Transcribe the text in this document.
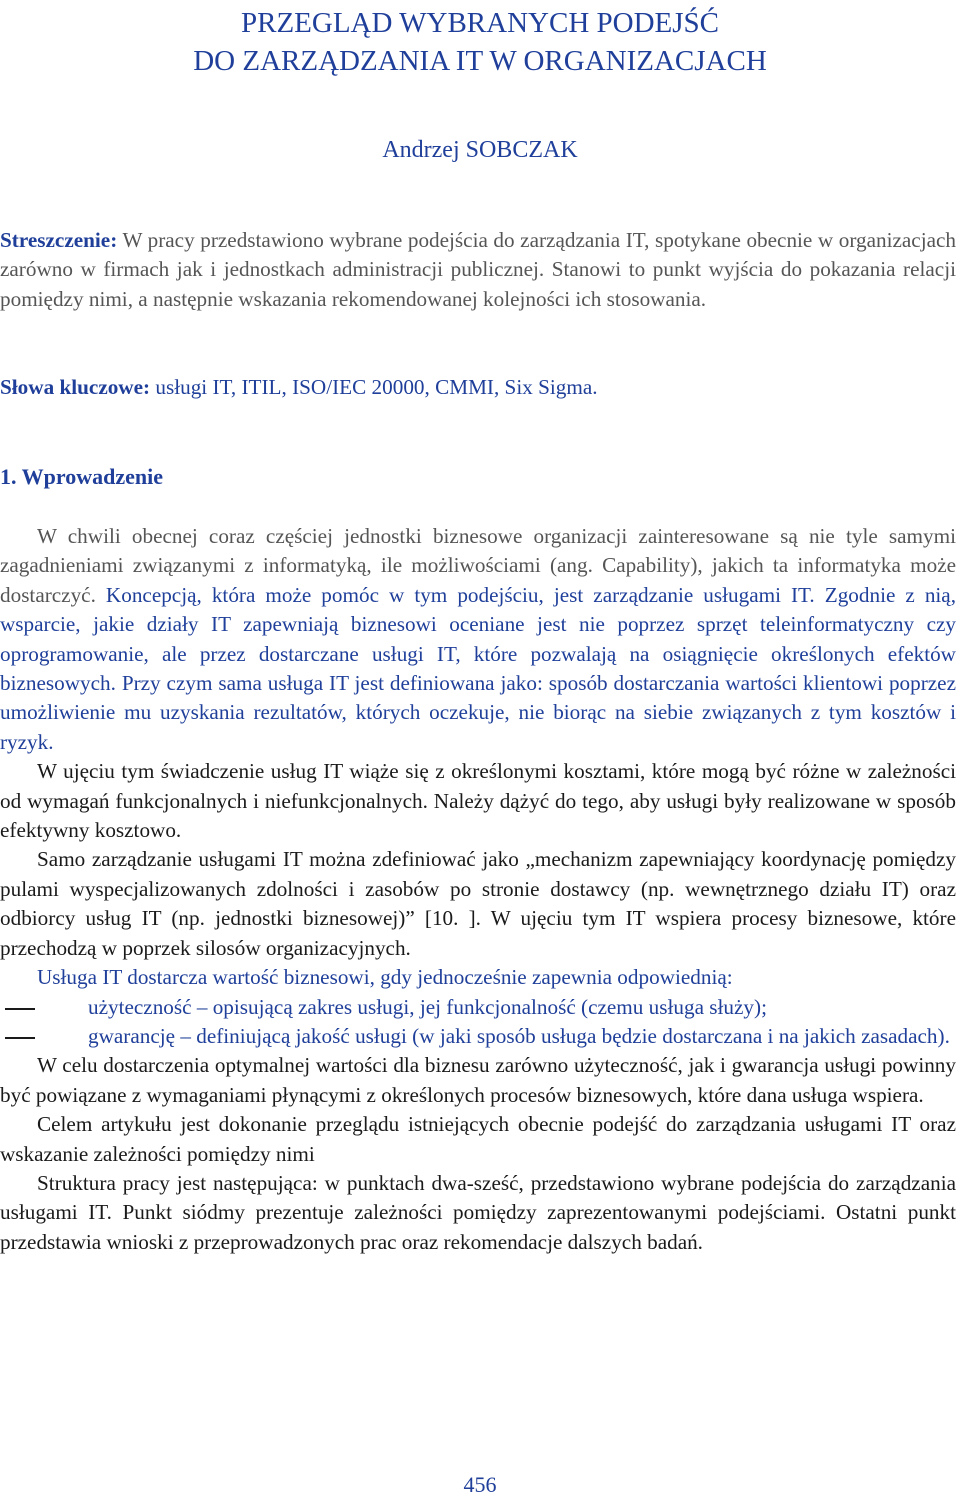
PRZEGLĄD WYBRANYCH PODEJŚĆ
DO ZARZĄDZANIA IT W ORGANIZACJACH
Andrzej SOBCZAK

Streszczenie: W pracy przedstawiono wybrane podejścia do zarządzania IT, spotykane obecnie w organizacjach zarówno w firmach jak i jednostkach administracji publicznej. Stanowi to punkt wyjścia do pokazania relacji pomiędzy nimi, a następnie wskazania rekomendowanej kolejności ich stosowania.

Słowa kluczowe: usługi IT, ITIL, ISO/IEC 20000, CMMI, Six Sigma.

1. Wprowadzenie

W chwili obecnej coraz częściej jednostki biznesowe organizacji zainteresowane są nie tyle samymi zagadnieniami związanymi z informatyką, ile możliwościami (ang. Capability), jakich ta informatyka może dostarczyć. Koncepcją, która może pomóc w tym podejściu, jest zarządzanie usługami IT. Zgodnie z nią, wsparcie, jakie działy IT zapewniają biznesowi oceniane jest nie poprzez sprzęt teleinformatyczny czy oprogramowanie, ale przez dostarczane usługi IT, które pozwalają na osiągnięcie określonych efektów biznesowych. Przy czym sama usługa IT jest definiowana jako: sposób dostarczania wartości klientowi poprzez umożliwienie mu uzyskania rezultatów, których oczekuje, nie biorąc na siebie związanych z tym kosztów i ryzyk.

W ujęciu tym świadczenie usług IT wiąże się z określonymi kosztami, które mogą być różne w zależności od wymagań funkcjonalnych i niefunkcjonalnych. Należy dążyć do tego, aby usługi były realizowane w sposób efektywny kosztowo.

Samo zarządzanie usługami IT można zdefiniować jako „mechanizm zapewniający koordynację pomiędzy pulami wyspecjalizowanych zdolności i zasobów po stronie dostawcy (np. wewnętrznego działu IT) oraz odbiorcy usług IT (np. jednostki biznesowej)” [10. ]. W ujęciu tym IT wspiera procesy biznesowe, które przechodzą w poprzek silosów organizacyjnych.

Usługa IT dostarcza wartość biznesowi, gdy jednocześnie zapewnia odpowiednią:

użyteczność – opisującą zakres usługi, jej funkcjonalność (czemu usługa służy);
gwarancję – definiującą jakość usługi (w jaki sposób usługa będzie dostarczana i na jakich zasadach).

W celu dostarczenia optymalnej wartości dla biznesu zarówno użyteczność, jak i gwarancja usługi powinny być powiązane z wymaganiami płynącymi z określonych procesów biznesowych, które dana usługa wspiera.

Celem artykułu jest dokonanie przeglądu istniejących obecnie podejść do zarządzania usługami IT oraz wskazanie zależności pomiędzy nimi

Struktura pracy jest następująca: w punktach dwa-sześć, przedstawiono wybrane podejścia do zarządzania usługami IT. Punkt siódmy prezentuje zależności pomiędzy zaprezentowanymi podejściami. Ostatni punkt przedstawia wnioski z przeprowadzonych prac oraz rekomendacje dalszych badań.

456
